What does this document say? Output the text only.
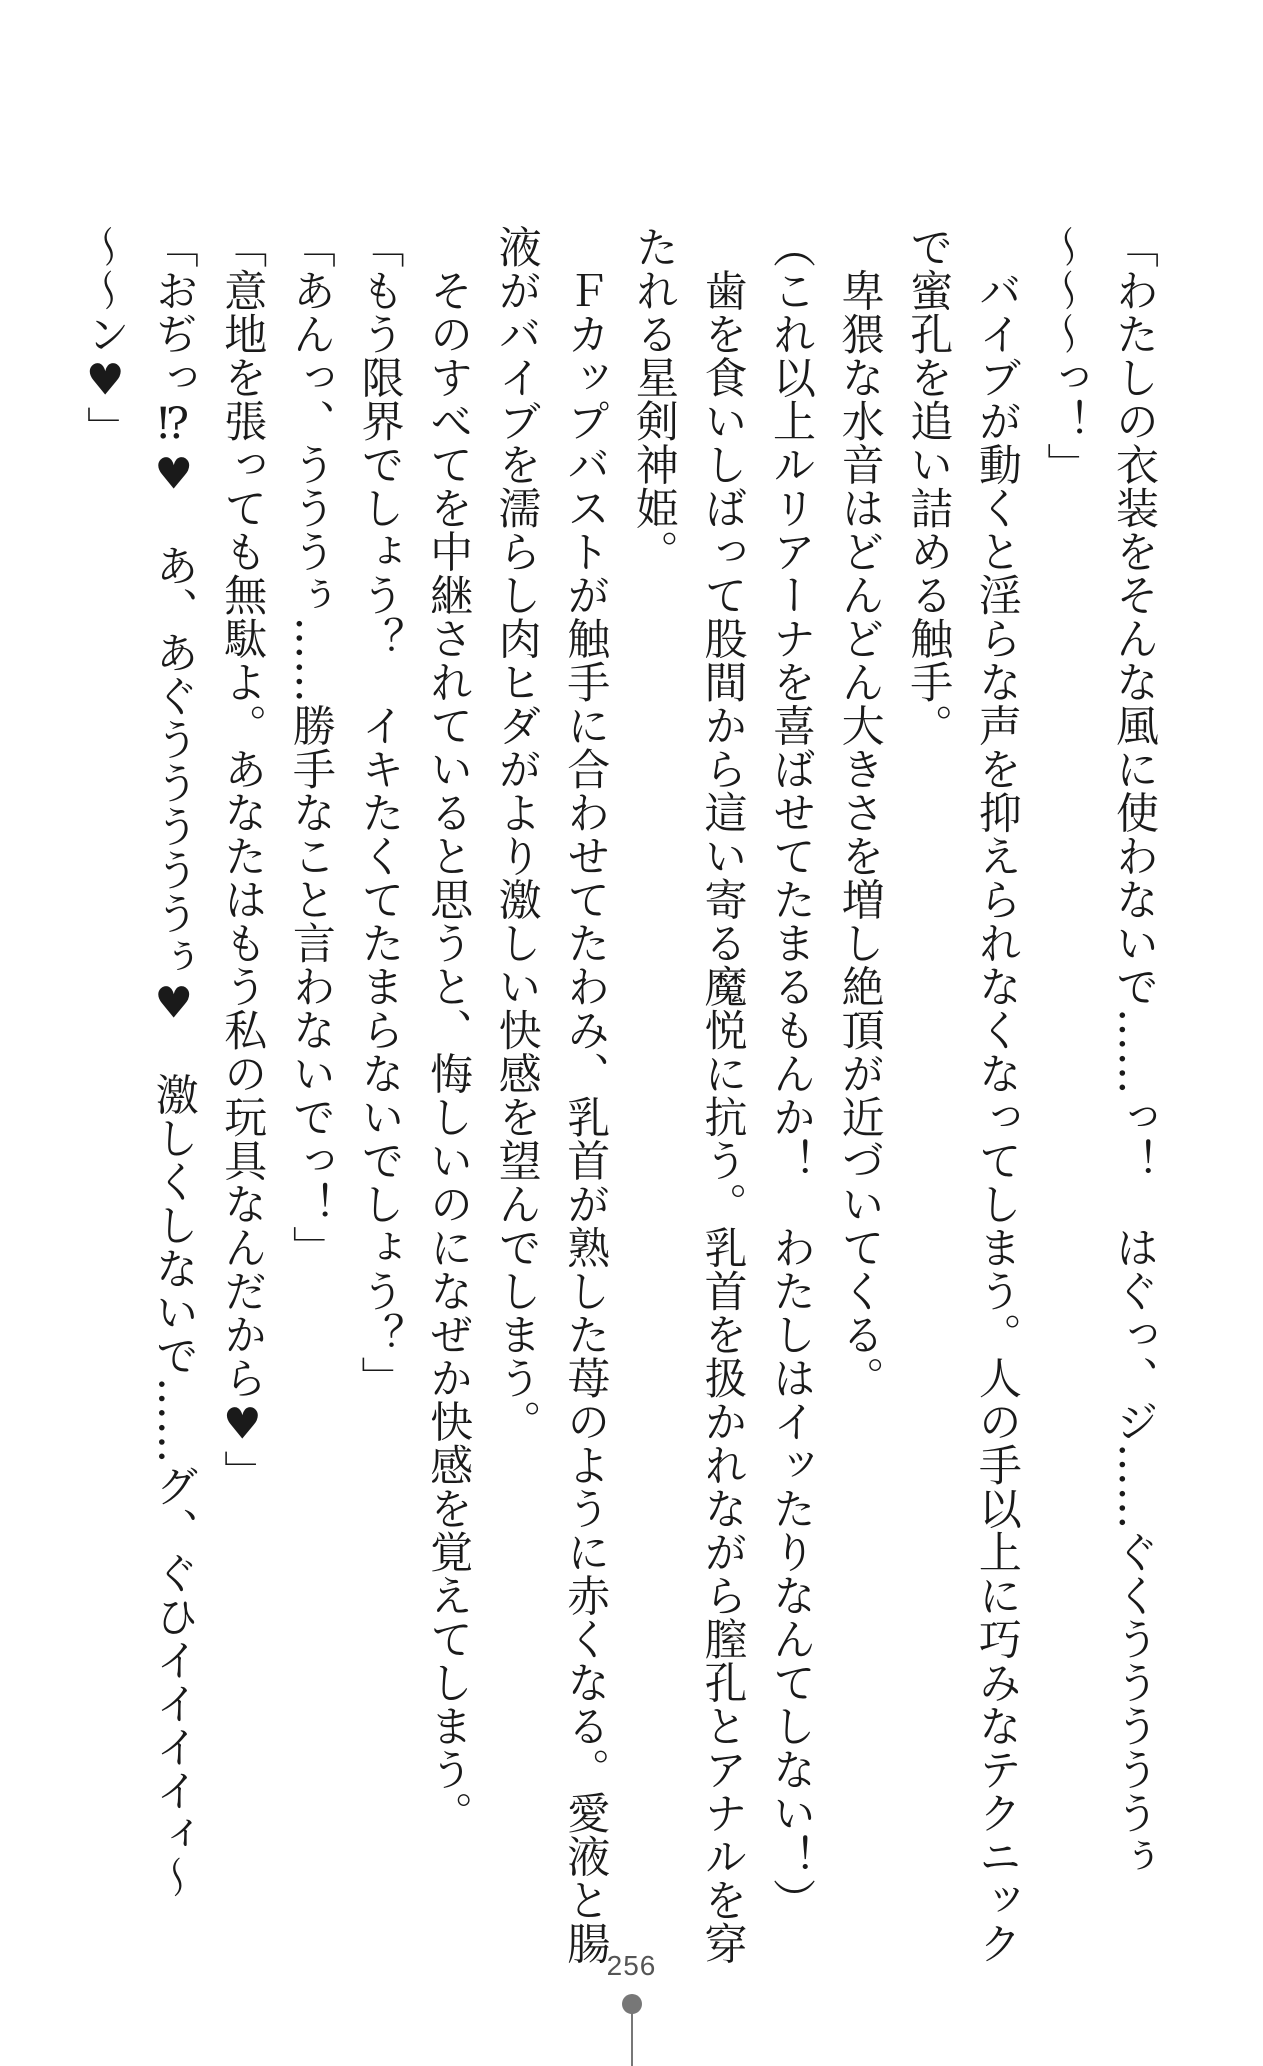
「わたしの衣装をそんな風に使わないで……っ！　はぐっ、ジ……ぐくうううううぅ
〜〜〜っ！」
　バイブが動くと淫らな声を抑えられなくなってしまう。人の手以上に巧みなテクニック
で蜜孔を追い詰める触手。
　卑猥な水音はどんどん大きさを増し絶頂が近づいてくる。
（これ以上ルリアーナを喜ばせてたまるもんか！　わたしはイッたりなんてしない！）
　歯を食いしばって股間から這い寄る魔悦に抗う。乳首を扱かれながら膣孔とアナルを穿
たれる星剣神姫。
　Ｆカップバストが触手に合わせてたわみ、乳首が熟した苺のように赤くなる。愛液と腸
液がバイブを濡らし肉ヒダがより激しい快感を望んでしまう。
　そのすべてを中継されていると思うと、悔しいのになぜか快感を覚えてしまう。
「もう限界でしょう？　イキたくてたまらないでしょう？」
「あんっ、うううぅ……勝手なこと言わないでっ！」
「意地を張っても無駄よ。あなたはもう私の玩具なんだから♥」
「おぢっ⁉♥　あ、あぐうううううぅ♥　激しくしないで……グ、ぐひイイイイィ〜
〜〜ン♥」
256
